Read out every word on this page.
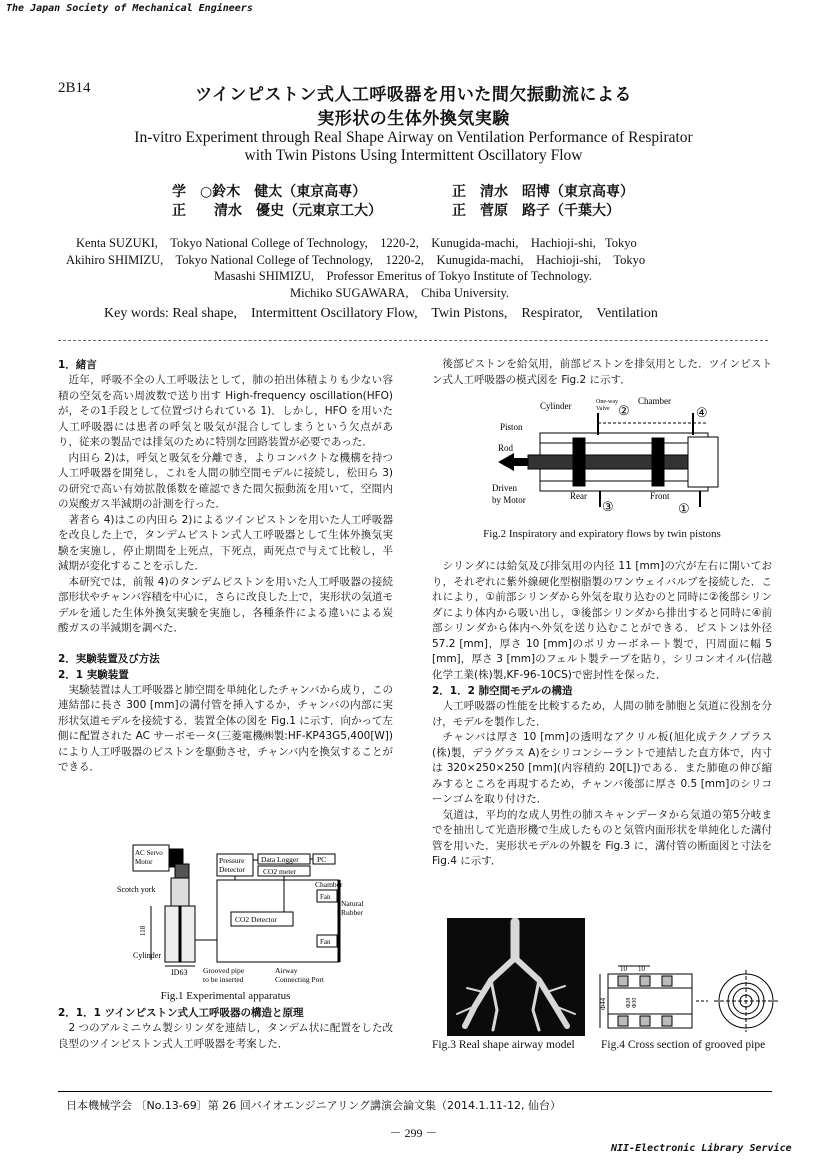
The Japan Society of Mechanical Engineers
2B14	ツインピストン式人工呼吸器を用いた間欠振動流による
実形状の生体外換気実験
In-vitro Experiment through Real Shape Airway on Ventilation Performance of Respirator
with Twin Pistons Using Intermittent Oscillatory Flow
学　○鈴木　健太（東京高専）	正　清水　昭博（東京高専）
正　　清水　優史（元東京工大）	正　菅原　路子（千葉大）
Kenta SUZUKI,    Tokyo National College of Technology,    1220-2,    Kunugida-machi,    Hachioji-shi,   Tokyo
Akihiro SHIMIZU,    Tokyo National College of Technology,    1220-2,    Kunugida-machi,    Hachioji-shi,    Tokyo
Masashi SHIMIZU,    Professor Emeritus of Tokyo Institute of Technology.
Michiko SUGAWARA,    Chiba University.
Key words: Real shape,    Intermittent Oscillatory Flow,    Twin Pistons,    Respirator,    Ventilation
1．緒言

近年，呼吸不全の人工呼吸法として，肺の拍出体積よりも少ない容積の空気を高い周波数で送り出す High-frequency oscillation(HFO)が，その1手段として位置づけられている 1)．しかし，HFO を用いた人工呼吸器には患者の呼気と吸気が混合してしまうという欠点があり，従来の製品では排気のために特別な回路装置が必要であった．

内田ら 2)は，呼気と吸気を分離でき，よりコンパクトな機構を持つ人工呼吸器を開発し，これを人間の肺空間モデルに接続し，松田ら 3)の研究で高い有効拡散係数を確認できた間欠振動流を用いて，空間内の炭酸ガス半減期の計測を行った．

著者ら 4)はこの内田ら 2)によるツインピストンを用いた人工呼吸器を改良した上で，タンデムピストン式人工呼吸器として生体外換気実験を実施し，停止期間を上死点，下死点，両死点で与えて比較し，半減期が変化することを示した．

本研究では，前報 4)のタンデムピストンを用いた人工呼吸器の接続部形状やチャンバ容積を中心に，さらに改良した上で，実形状の気道モデルを通した生体外換気実験を実施し，各種条件による違いによる炭酸ガスの半減期を調べた．

2．実験装置及び方法
2．1 実験装置

実験装置は人工呼吸器と肺空間を単純化したチャンバから成り，この連結部に長さ 300 [mm]の溝付管を挿入するか，チャンバの内部に実形状気道モデルを接続する．装置全体の図を Fig.1 に示す．向かって左側に配置された AC サーボモータ(三菱電機㈱製:HF-KP43G5,400[W])により人工呼吸器のピストンを駆動させ，チャンバ内を換気することができる．

AC Servo
Motor
Scotch york
Cylinder
118
ID63
Pressure
Detector
Data Logger PC
CO2 meter
Chamber
Fan
Natural
Rubber
CO2 Detector
Fan
Grooved pipe
to be inserted
Airway
Connecting Port
Fig.1 Experimental apparatus
2．1．1 ツインピストン式人工呼吸器の構造と原理

2 つのアルミニウム製シリンダを連結し，タンデム状に配置をした改良型のツインピストン式人工呼吸器を考案した．

後部ピストンを給気用，前部ピストンを排気用とした．ツインピストン式人工呼吸器の模式図を Fig.2 に示す．

Cylinder	One-way
Valve ②
Chamber
④
Piston
Rod
Driven
by Motor	Rear
③
Front
①
Fig.2 Inspiratory and expiratory flows by twin pistons

シリンダには給気及び排気用の内径 11 [mm]の穴が左右に開いており，それぞれに紫外線硬化型樹脂製のワンウェイバルブを接続した．これにより，①前部シリンダから外気を取り込むのと同時に②後部シリンダにより体内から吸い出し，③後部シリンダから排出すると同時に④前部シリンダから体内へ外気を送り込むことができる．ピストンは外径 57.2 [mm]，厚さ 10 [mm]のポリカーボネート製で，円周面に幅 5 [mm]，厚さ 3 [mm]のフェルト製テープを貼り，シリコンオイル(信越化学工業(株)製,KF-96-10CS)で密封性を保った．

2．1．2 肺空間モデルの構造

人工呼吸器の性能を比較するため，人間の肺を肺胞と気道に役割を分け，モデルを製作した．

チャンバは厚さ 10 [mm]の透明なアクリル板(旭化成テクノプラス(株)製，デラグラス A)をシリコンシーラントで連結した直方体で，内寸は 320×250×250 [mm](内容積約 20[L])である．また肺砲の伸び縮みするところを再現するため，チャンバ後部に厚さ 0.5 [mm]のシリコーンゴムを取り付けた．

気道は，平均的な成人男性の肺スキャンデータから気道の第5分岐までを抽出して光造形機で生成したものと気管内面形状を単純化した溝付管を用いた．実形状モデルの外観を Fig.3 に，溝付管の断面図と寸法を Fig.4 に示す．

Fig.3 Real shape airway model
10 10
Φ44	Φ30
Φ28
Fig.4 Cross section of grooved pipe
日本機械学会 〔No.13-69〕第 26 回バイオエンジニアリング講演会論文集（2014.1.11-12, 仙台）
－ 299 －
NII-Electronic Library Service
